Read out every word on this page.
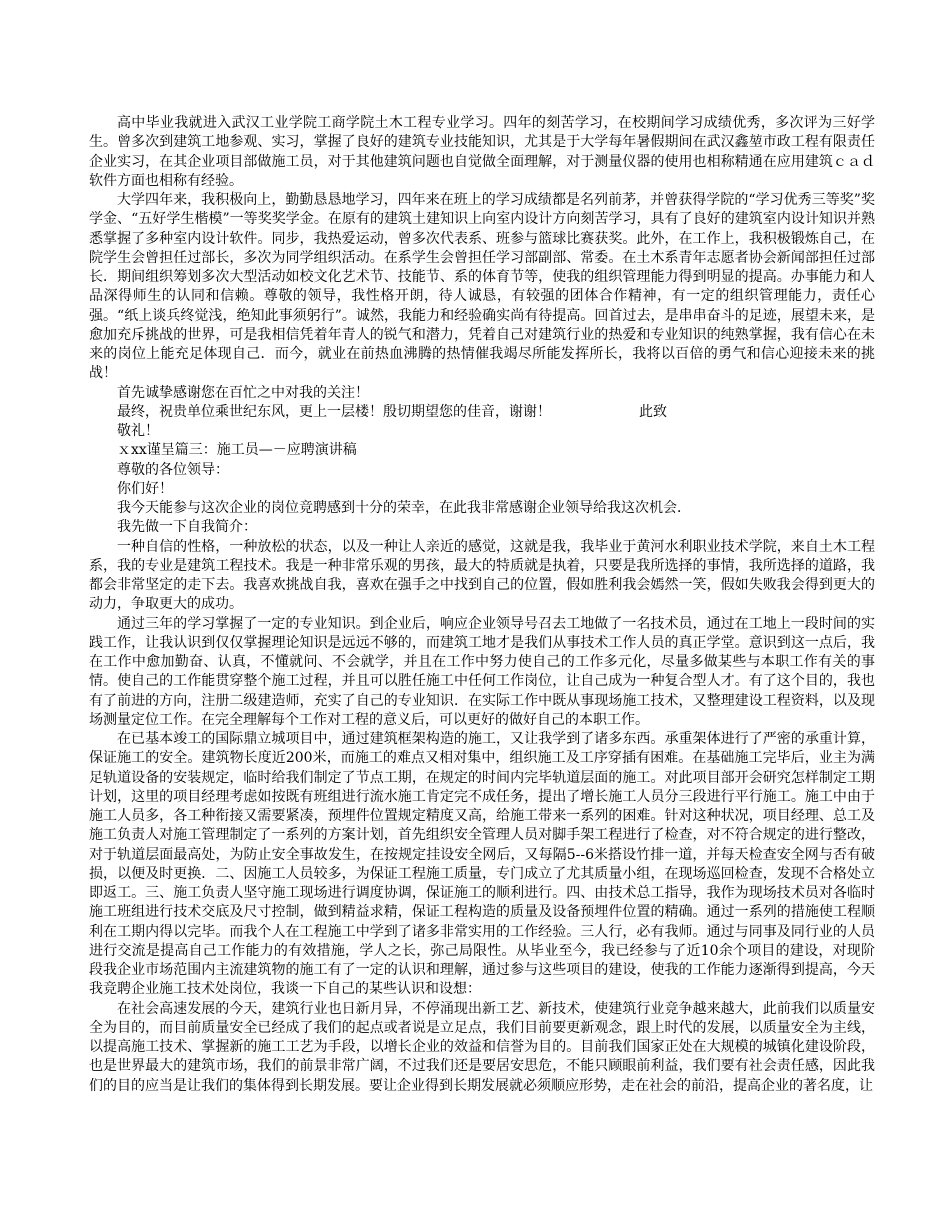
高中毕业我就进入武汉工业学院工商学院土木工程专业学习。四年的刻苦学习，在校期间学习成绩优秀，多次评为三好学生。曾多次到建筑工地参观、实习，掌握了良好的建筑专业技能知识，尤其是于大学每年暑假期间在武汉鑫堃市政工程有限责任企业实习，在其企业项目部做施工员，对于其他建筑问题也自觉做全面理解，对于测量仪器的使用也相称精通在应用建筑ｃａｄ软件方面也相称有经验。

大学四年来，我积极向上，勤勤恳恳地学习，四年来在班上的学习成绩都是名列前茅，并曾获得学院的“学习优秀三等奖”奖学金、“五好学生楷模”一等奖奖学金。在原有的建筑土建知识上向室内设计方向刻苦学习，具有了良好的建筑室内设计知识并熟悉掌握了多种室内设计软件。同步，我热爱运动，曾多次代表系、班参与篮球比赛获奖。此外，在工作上，我积极锻炼自己，在院学生会曾担任过部长，多次为同学组织活动。在系学生会曾担任学习部副部、常委。在土木系青年志愿者协会新闻部担任过部长．期间组织筹划多次大型活动如校文化艺术节、技能节、系的体育节等，使我的组织管理能力得到明显的提高。办事能力和人品深得师生的认同和信赖。尊敬的领导，我性格开朗，待人诚恳，有较强的团体合作精神，有一定的组织管理能力，责任心强。“纸上谈兵终觉浅，绝知此事须躬行”。诚然，我能力和经验确实尚有待提高。回首过去，是串串奋斗的足迹，展望未来，是愈加充斥挑战的世界，可是我相信凭着年青人的锐气和潜力，凭着自己对建筑行业的热爱和专业知识的纯熟掌握，我有信心在未来的岗位上能充足体现自己．而今，就业在前热血沸腾的热情催我竭尽所能发挥所长，我将以百倍的勇气和信心迎接未来的挑战！

首先诚挚感谢您在百忙之中对我的关注！

最终，祝贵单位乘世纪东风，更上一层楼！殷切期望您的佳音，谢谢！	此致

敬礼！

ｘxx谨呈篇三：施工员—－应聘演讲稿

尊敬的各位领导：

你们好！

我今天能参与这次企业的岗位竞聘感到十分的荣幸，在此我非常感谢企业领导给我这次机会．

我先做一下自我简介：

一种自信的性格，一种放松的状态，以及一种让人亲近的感觉，这就是我，我毕业于黄河水利职业技术学院，来自土木工程系，我的专业是建筑工程技术。我是一种非常乐观的男孩，最大的特质就是执着，只要是我所选择的事情，我所选择的道路，我都会非常坚定的走下去。我喜欢挑战自我，喜欢在强手之中找到自己的位置，假如胜利我会嫣然一笑，假如失败我会得到更大的动力，争取更大的成功。

通过三年的学习掌握了一定的专业知识。到企业后，响应企业领导号召去工地做了一名技术员，通过在工地上一段时间的实践工作，让我认识到仅仅掌握理论知识是远远不够的，而建筑工地才是我们从事技术工作人员的真正学堂。意识到这一点后，我在工作中愈加勤奋、认真，不懂就问、不会就学，并且在工作中努力使自己的工作多元化，尽量多做某些与本职工作有关的事情。使自己的工作能贯穿整个施工过程，并且可以胜任施工中任何工作岗位，让自己成为一种复合型人才。有了这个目的，我也有了前进的方向，注册二级建造师，充实了自己的专业知识．在实际工作中既从事现场施工技术，又整理建设工程资料，以及现场测量定位工作。在完全理解每个工作对工程的意义后，可以更好的做好自己的本职工作。

在已基本竣工的国际鼎立城项目中，通过建筑框架构造的施工，又让我学到了诸多东西。承重架体进行了严密的承重计算，保证施工的安全。建筑物长度近200米，而施工的难点又相对集中，组织施工及工序穿插有困难。在基础施工完毕后，业主为满足轨道设备的安装规定，临时给我们制定了节点工期，在规定的时间内完毕轨道层面的施工。对此项目部开会研究怎样制定工期计划，这里的项目经理考虑如按既有班组进行流水施工肯定完不成任务，提出了增长施工人员分三段进行平行施工。施工中由于施工人员多，各工种衔接又需要紧凑，预埋件位置规定精度又高，给施工带来一系列的困难。针对这种状况，项目经理、总工及施工负责人对施工管理制定了一系列的方案计划，首先组织安全管理人员对脚手架工程进行了检查，对不符合规定的进行整改，对于轨道层面最高处，为防止安全事故发生，在按规定挂设安全网后，又每隔5--6米搭设竹排一道，并每天检查安全网与否有破损，以便及时更换．二、因施工人员较多，为保证工程施工质量，专门成立了尤其质量小组，在现场巡回检查，发现不合格处立即返工。三、施工负责人坚守施工现场进行调度协调，保证施工的顺利进行。四、由技术总工指导，我作为现场技术员对各临时施工班组进行技术交底及尺寸控制，做到精益求精，保证工程构造的质量及设备预埋件位置的精确。通过一系列的措施使工程顺利在工期内得以完毕。而我个人在工程施工中学到了诸多非常实用的工作经验。三人行，必有我师。通过与同事及同行业的人员进行交流是提高自己工作能力的有效措施，学人之长，弥己局限性。从毕业至今，我已经参与了近10余个项目的建设，对现阶段我企业市场范围内主流建筑物的施工有了一定的认识和理解，通过参与这些项目的建设，使我的工作能力逐渐得到提高，今天我竞聘企业施工技术处岗位，我谈一下自己的某些认识和设想：

在社会高速发展的今天，建筑行业也日新月异，不停涌现出新工艺、新技术，使建筑行业竞争越来越大，此前我们以质量安全为目的，而目前质量安全已经成了我们的起点或者说是立足点，我们目前要更新观念，跟上时代的发展，以质量安全为主线，以提高施工技术、掌握新的施工工艺为手段，以增长企业的效益和信誉为目的。目前我们国家正处在大规模的城镇化建设阶段，也是世界最大的建筑市场，我们的前景非常广阔，不过我们还是要居安思危，不能只顾眼前利益，我们要有社会责任感，因此我们的目的应当是让我们的集体得到长期发展。要让企业得到长期发展就必须顺应形势，走在社会的前沿，提高企业的著名度，让
